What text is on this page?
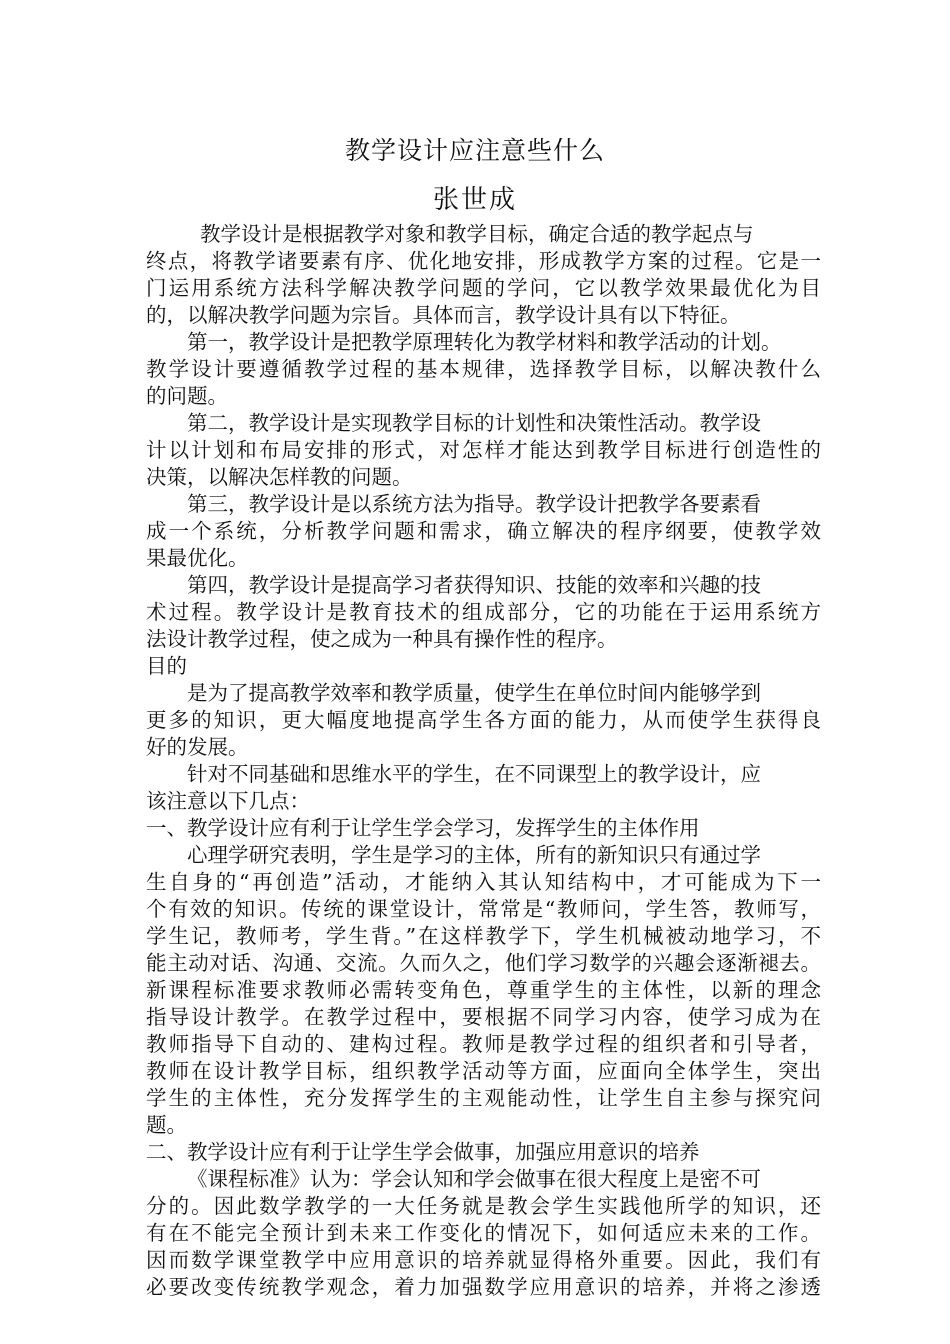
教学设计应注意些什么
张世成
教学设计是根据教学对象和教学目标，确定合适的教学起点与
终点，将教学诸要素有序、优化地安排，形成教学方案的过程。它是一
门运用系统方法科学解决教学问题的学问，它以教学效果最优化为目
的，以解决教学问题为宗旨。具体而言，教学设计具有以下特征。
第一，教学设计是把教学原理转化为教学材料和教学活动的计划。
教学设计要遵循教学过程的基本规律，选择教学目标，以解决教什么
的问题。
第二，教学设计是实现教学目标的计划性和决策性活动。教学设
计以计划和布局安排的形式，对怎样才能达到教学目标进行创造性的
决策，以解决怎样教的问题。
第三，教学设计是以系统方法为指导。教学设计把教学各要素看
成一个系统，分析教学问题和需求，确立解决的程序纲要，使教学效
果最优化。
第四，教学设计是提高学习者获得知识、技能的效率和兴趣的技
术过程。教学设计是教育技术的组成部分，它的功能在于运用系统方
法设计教学过程，使之成为一种具有操作性的程序。
目的
是为了提高教学效率和教学质量，使学生在单位时间内能够学到
更多的知识，更大幅度地提高学生各方面的能力，从而使学生获得良
好的发展。
针对不同基础和思维水平的学生，在不同课型上的教学设计，应
该注意以下几点：
一、教学设计应有利于让学生学会学习，发挥学生的主体作用
心理学研究表明，学生是学习的主体，所有的新知识只有通过学
生自身的“再创造”活动，才能纳入其认知结构中，才可能成为下一
个有效的知识。传统的课堂设计，常常是“教师问，学生答，教师写，
学生记，教师考，学生背。”在这样教学下，学生机械被动地学习，不
能主动对话、沟通、交流。久而久之，他们学习数学的兴趣会逐渐褪去。
新课程标准要求教师必需转变角色，尊重学生的主体性，以新的理念
指导设计教学。在教学过程中，要根据不同学习内容，使学习成为在
教师指导下自动的、建构过程。教师是教学过程的组织者和引导者，
教师在设计教学目标，组织教学活动等方面，应面向全体学生，突出
学生的主体性，充分发挥学生的主观能动性，让学生自主参与探究问
题。
二、教学设计应有利于让学生学会做事，加强应用意识的培养
《课程标准》认为：学会认知和学会做事在很大程度上是密不可
分的。因此数学教学的一大任务就是教会学生实践他所学的知识，还
有在不能完全预计到未来工作变化的情况下，如何适应未来的工作。
因而数学课堂教学中应用意识的培养就显得格外重要。因此，我们有
必要改变传统教学观念，着力加强数学应用意识的培养，并将之渗透
